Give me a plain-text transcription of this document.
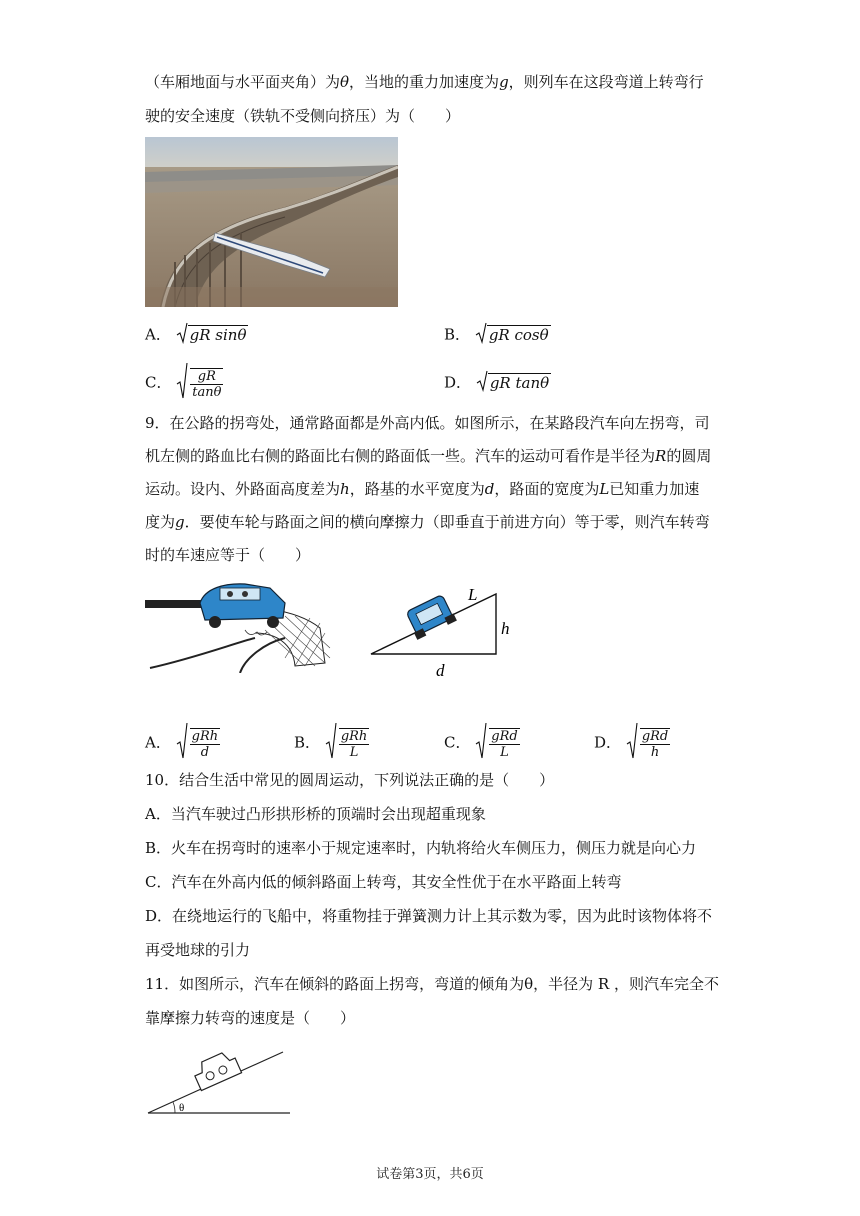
（车厢地面与水平面夹角）为θ，当地的重力加速度为g，则列车在这段弯道上转弯行
驶的安全速度（铁轨不受侧向挤压）为（　　）
A． gR sinθ	B． gR cosθ
C． $\frac{gR}{\tan\theta}$	D． gR tanθ
9．在公路的拐弯处，通常路面都是外高内低。如图所示，在某路段汽车向左拐弯，司
机左侧的路血比右侧的路面比右侧的路面低一些。汽车的运动可看作是半径为R的圆周
运动。设内、外路面高度差为h，路基的水平宽度为d，路面的宽度为L已知重力加速
度为g．要使车轮与路面之间的横向摩擦力（即垂直于前进方向）等于零，则汽车转弯
时的车速应等于（　　）
L
h
d
A． $\frac{\text{gRh}}{d}$	B． $\frac{\text{gRh}}{L}$	C． $\frac{\text{gRd}}{L}$	D． $\frac{\text{gRd}}{h}$
10．结合生活中常见的圆周运动，下列说法正确的是（　　）
A．当汽车驶过凸形拱形桥的顶端时会出现超重现象
B．火车在拐弯时的速率小于规定速率时，内轨将给火车侧压力，侧压力就是向心力
C．汽车在外高内低的倾斜路面上转弯，其安全性优于在水平路面上转弯
D．在绕地运行的飞船中，将重物挂于弹簧测力计上其示数为零，因为此时该物体将不
再受地球的引力
11．如图所示，汽车在倾斜的路面上拐弯，弯道的倾角为θ，半径为 R ，则汽车完全不
靠摩擦力转弯的速度是（　　）
θ
试卷第3页，共6页
